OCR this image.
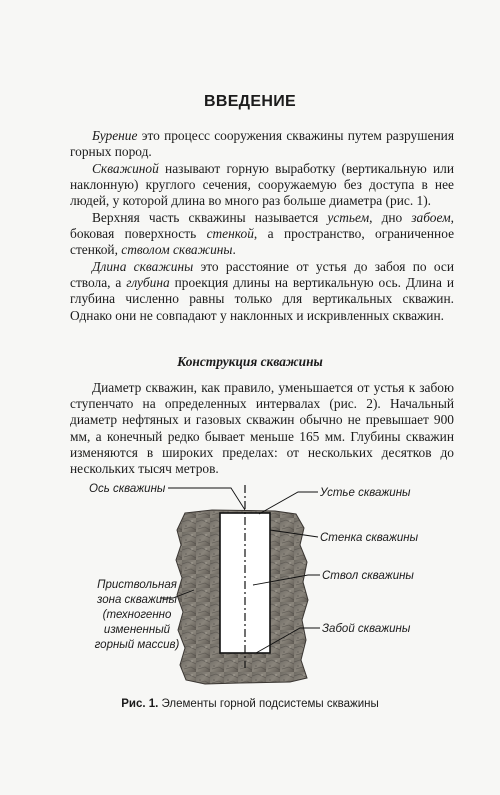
ВВЕДЕНИЕ

Бурение это процесс сооружения скважины путем разрушения горных пород.

Скважиной называют горную выработку (вертикальную или наклонную) круглого сечения, сооружаемую без доступа в нее людей, у которой длина во много раз больше диаметра (рис. 1).

Верхняя часть скважины называется устьем, дно забоем, боковая поверхность стенкой, а пространство, ограниченное стенкой, стволом скважины.

Длина скважины это расстояние от устья до забоя по оси ствола, а глубина проекция длины на вертикальную ось. Длина и глубина численно равны только для вертикальных скважин. Однако они не совпадают у наклонных и искривленных скважин.

Конструкция скважины

Диаметр скважин, как правило, уменьшается от устья к забою ступенчато на определенных интервалах (рис. 2). Начальный диаметр нефтяных и газовых скважин обычно не превышает 900 мм, а конечный редко бывает меньше 165 мм. Глубины скважин изменяются в широких пределах: от нескольких десятков до нескольких тысяч метров.

Ось скважины	Устье скважины
Стенка скважины
Ствол скважины
Забой скважины
Приствольная
зона скважины
(техногенно
измененный
горный массив)
Рис. 1. Элементы горной подсистемы скважины
